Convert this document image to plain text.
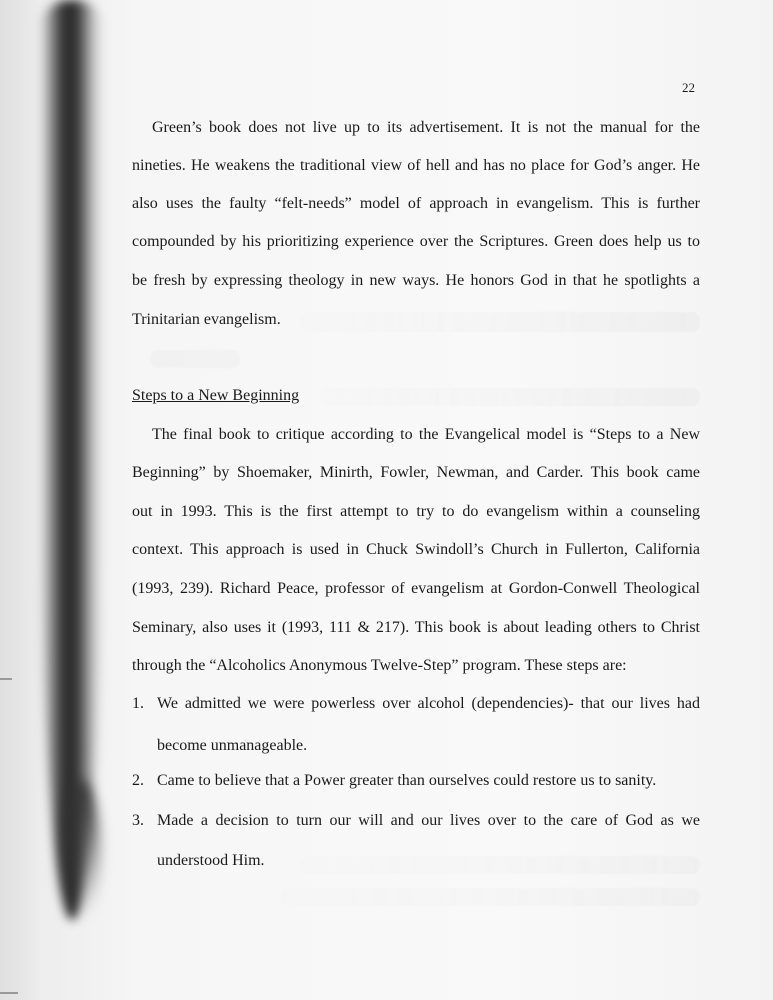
22
Green’s book does not live up to its advertisement. It is not the manual for the
nineties. He weakens the traditional view of hell and has no place for God’s anger. He
also uses the faulty “felt-needs” model of approach in evangelism. This is further
compounded by his prioritizing experience over the Scriptures. Green does help us to
be fresh by expressing theology in new ways. He honors God in that he spotlights a
Trinitarian evangelism.
Steps to a New Beginning
The final book to critique according to the Evangelical model is “Steps to a New
Beginning” by Shoemaker, Minirth, Fowler, Newman, and Carder. This book came
out in 1993. This is the first attempt to try to do evangelism within a counseling
context. This approach is used in Chuck Swindoll’s Church in Fullerton, California
(1993, 239). Richard Peace, professor of evangelism at Gordon-Conwell Theological
Seminary, also uses it (1993, 111 & 217). This book is about leading others to Christ
through the “Alcoholics Anonymous Twelve-Step” program. These steps are:
1. We admitted we were powerless over alcohol (dependencies)- that our lives had
become unmanageable.
2. Came to believe that a Power greater than ourselves could restore us to sanity.
3. Made a decision to turn our will and our lives over to the care of God as we
understood Him.
